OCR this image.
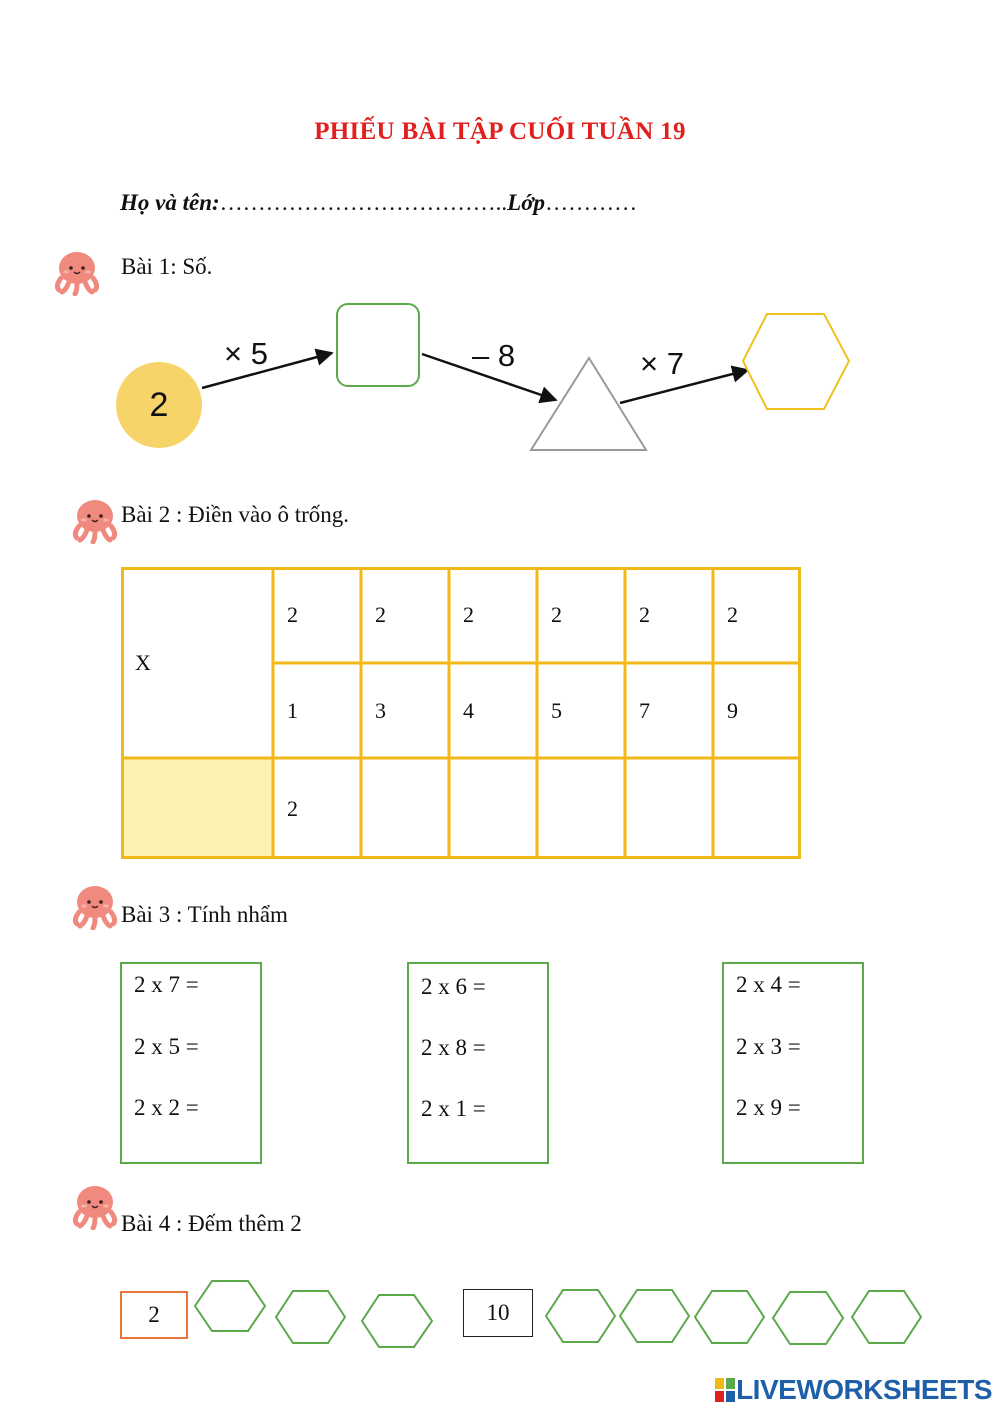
PHIẾU BÀI TẬP CUỐI TUẦN 19
Họ và tên:………………………………..Lớp…………
Bài 1: Số.
2
× 5	– 8	× 7
Bài 2 : Điền vào ô trống.
X
2	2	2	2	2	2
1	3	4	5	7	9
2
Bài 3 : Tính nhẩm
2 x 7 =
2 x 5 =
2 x 2 =
2 x 6 =
2 x 8 =
2 x 1 =
2 x 4 =
2 x 3 =
2 x 9 =
Bài 4 : Đếm thêm 2
2	10
LIVEWORKSHEETS
